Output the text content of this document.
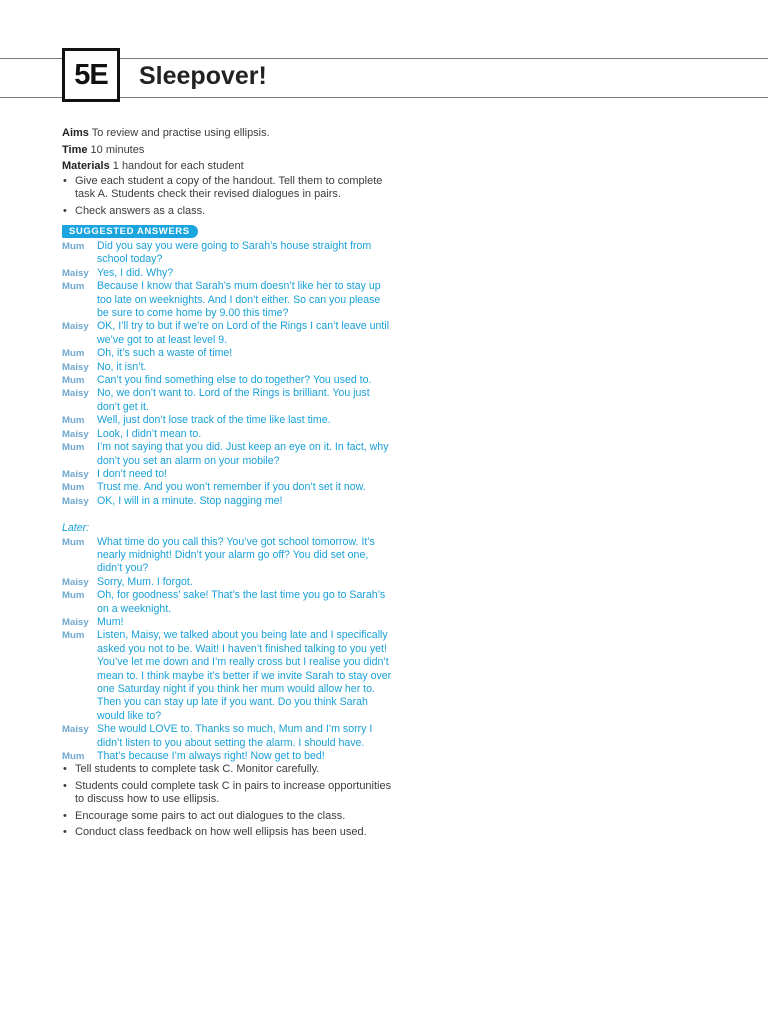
5E	Sleepover!
Aims To review and practise using ellipsis.
Time 10 minutes
Materials 1 handout for each student
• Give each student a copy of the handout. Tell them to complete task A. Students check their revised dialogues in pairs.
• Check answers as a class.
SUGGESTED ANSWERS
Mum	Did you say you were going to Sarah’s house straight from school today?
Maisy Yes, I did. Why?
Mum	Because I know that Sarah’s mum doesn’t like her to stay up too late on weeknights. And I don’t either. So can you please be sure to come home by 9.00 this time?
Maisy OK, I’ll try to but if we’re on Lord of the Rings I can’t leave until we’ve got to at least level 9.
Mum	Oh, it’s such a waste of time!
Maisy No, it isn’t.
Mum	Can’t you find something else to do together? You used to.
Maisy No, we don’t want to. Lord of the Rings is brilliant. You just don’t get it.
Mum	Well, just don’t lose track of the time like last time.
Maisy Look, I didn’t mean to.
Mum	I’m not saying that you did. Just keep an eye on it. In fact, why don’t you set an alarm on your mobile?
Maisy I don’t need to!
Mum	Trust me. And you won’t remember if you don’t set it now.
Maisy OK, I will in a minute. Stop nagging me!
Later:
Mum	What time do you call this? You’ve got school tomorrow. It’s nearly midnight! Didn’t your alarm go off? You did set one, didn’t you?
Maisy Sorry, Mum. I forgot.
Mum	Oh, for goodness’ sake! That’s the last time you go to Sarah’s on a weeknight.
Maisy Mum!
Mum	Listen, Maisy, we talked about you being late and I specifically asked you not to be. Wait! I haven’t finished talking to you yet! You’ve let me down and I’m really cross but I realise you didn’t mean to. I think maybe it’s better if we invite Sarah to stay over one Saturday night if you think her mum would allow her to. Then you can stay up late if you want. Do you think Sarah would like to?
Maisy She would LOVE to. Thanks so much, Mum and I’m sorry I didn’t listen to you about setting the alarm. I should have.
Mum	That’s because I’m always right! Now get to bed!
• Tell students to complete task C. Monitor carefully.
• Students could complete task C in pairs to increase opportunities to discuss how to use ellipsis.
• Encourage some pairs to act out dialogues to the class.
• Conduct class feedback on how well ellipsis has been used.
